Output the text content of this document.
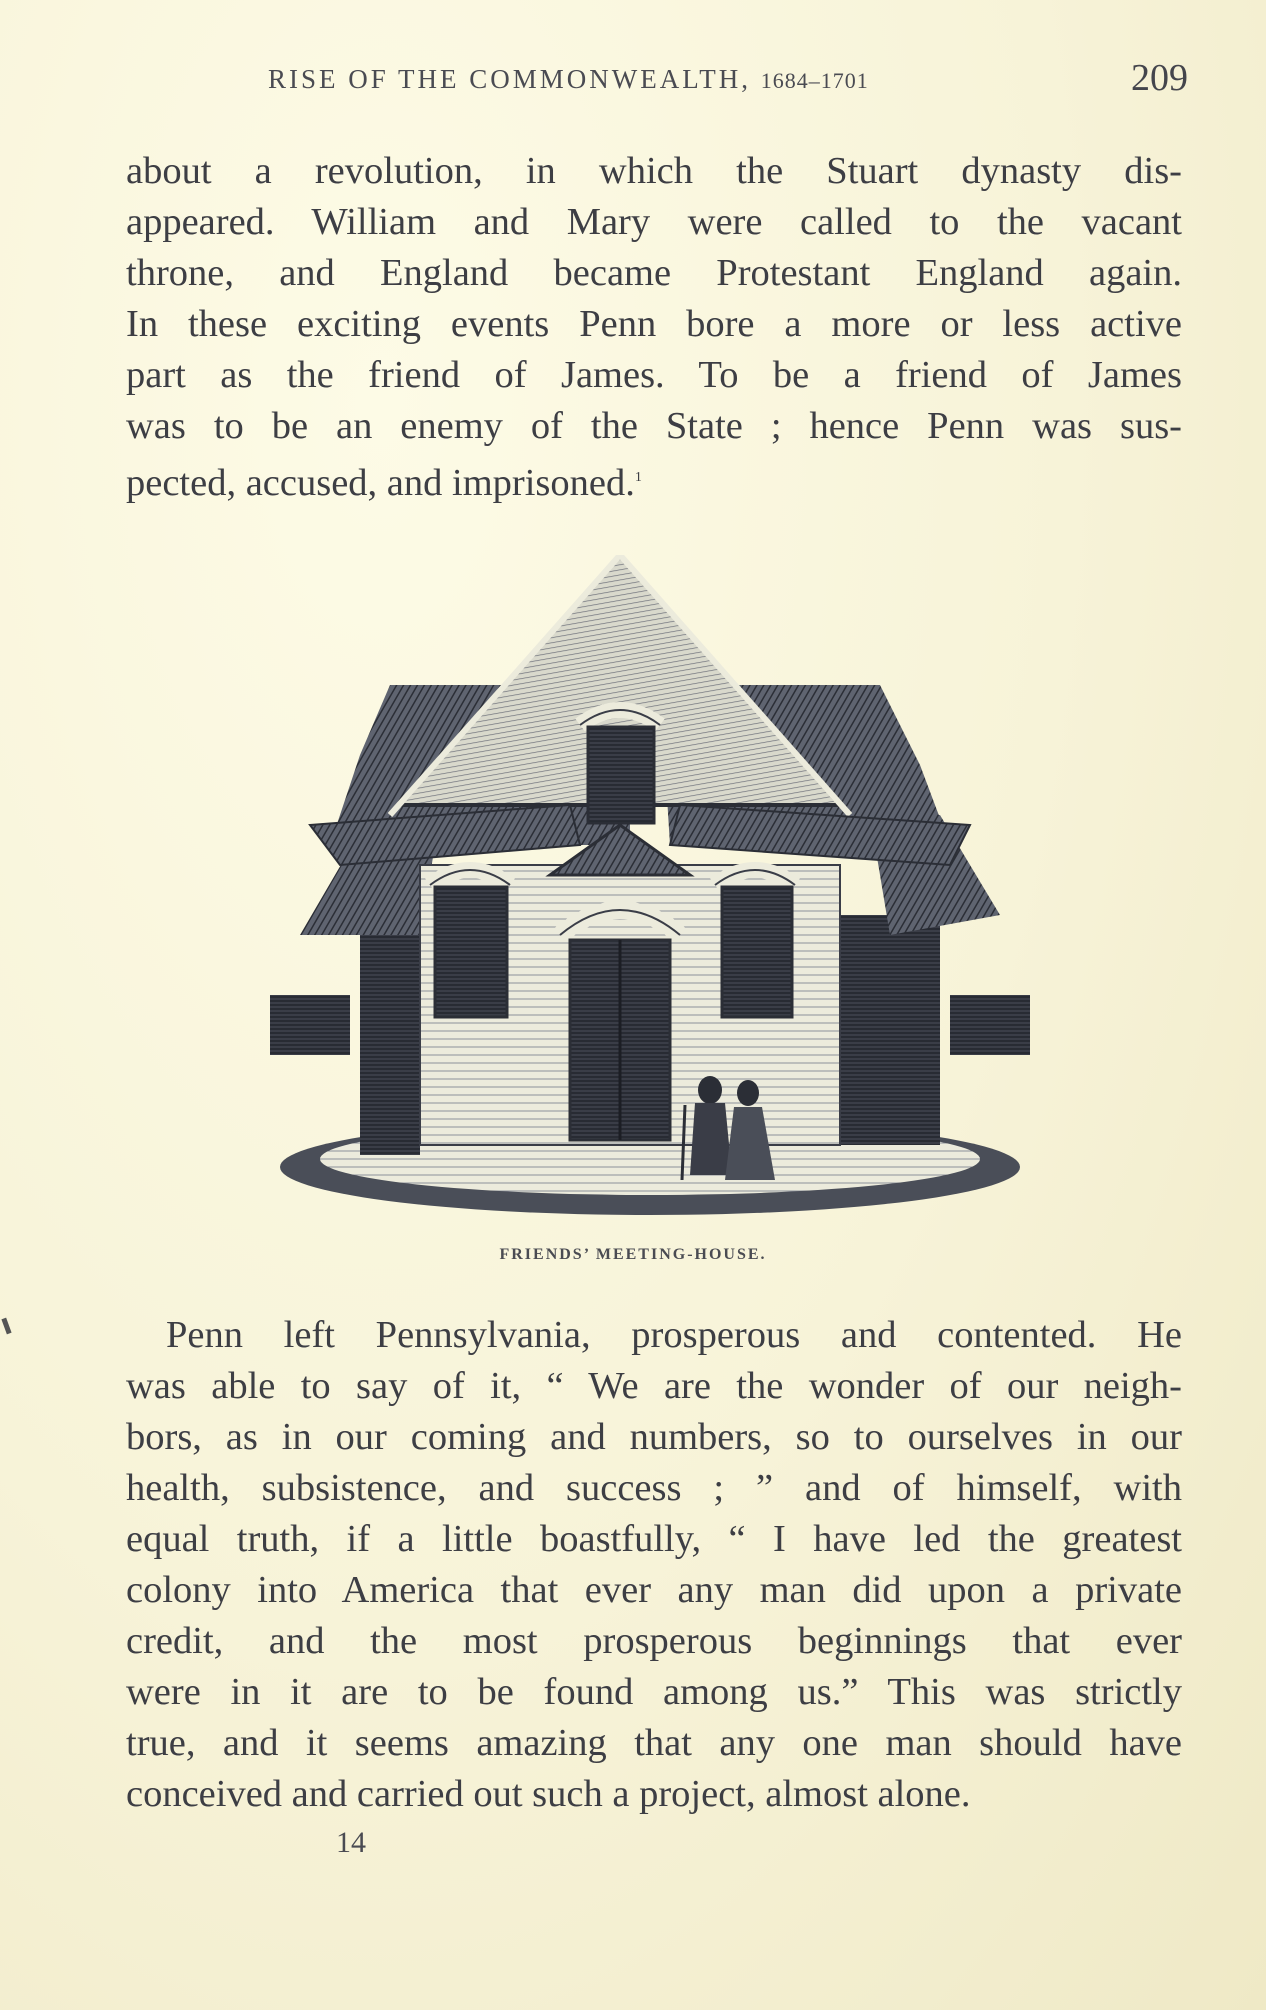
RISE OF THE COMMONWEALTH, 1684–1701	209
about a revolution, in which the Stuart dynasty dis-
appeared. William and Mary were called to the vacant
throne, and England became Protestant England again.
In these exciting events Penn bore a more or less active
part as the friend of James. To be a friend of James
was to be an enemy of the State ; hence Penn was sus-
pected, accused, and imprisoned.$^1$
FRIENDS’ MEETING-HOUSE.
Penn left Pennsylvania, prosperous and contented. He
was able to say of it, “ We are the wonder of our neigh-
bors, as in our coming and numbers, so to ourselves in our
health, subsistence, and success ; ” and of himself, with
equal truth, if a little boastfully, “ I have led the greatest
colony into America that ever any man did upon a private
credit, and the most prosperous beginnings that ever
were in it are to be found among us.” This was strictly
true, and it seems amazing that any one man should have
conceived and carried out such a project, almost alone.
14
